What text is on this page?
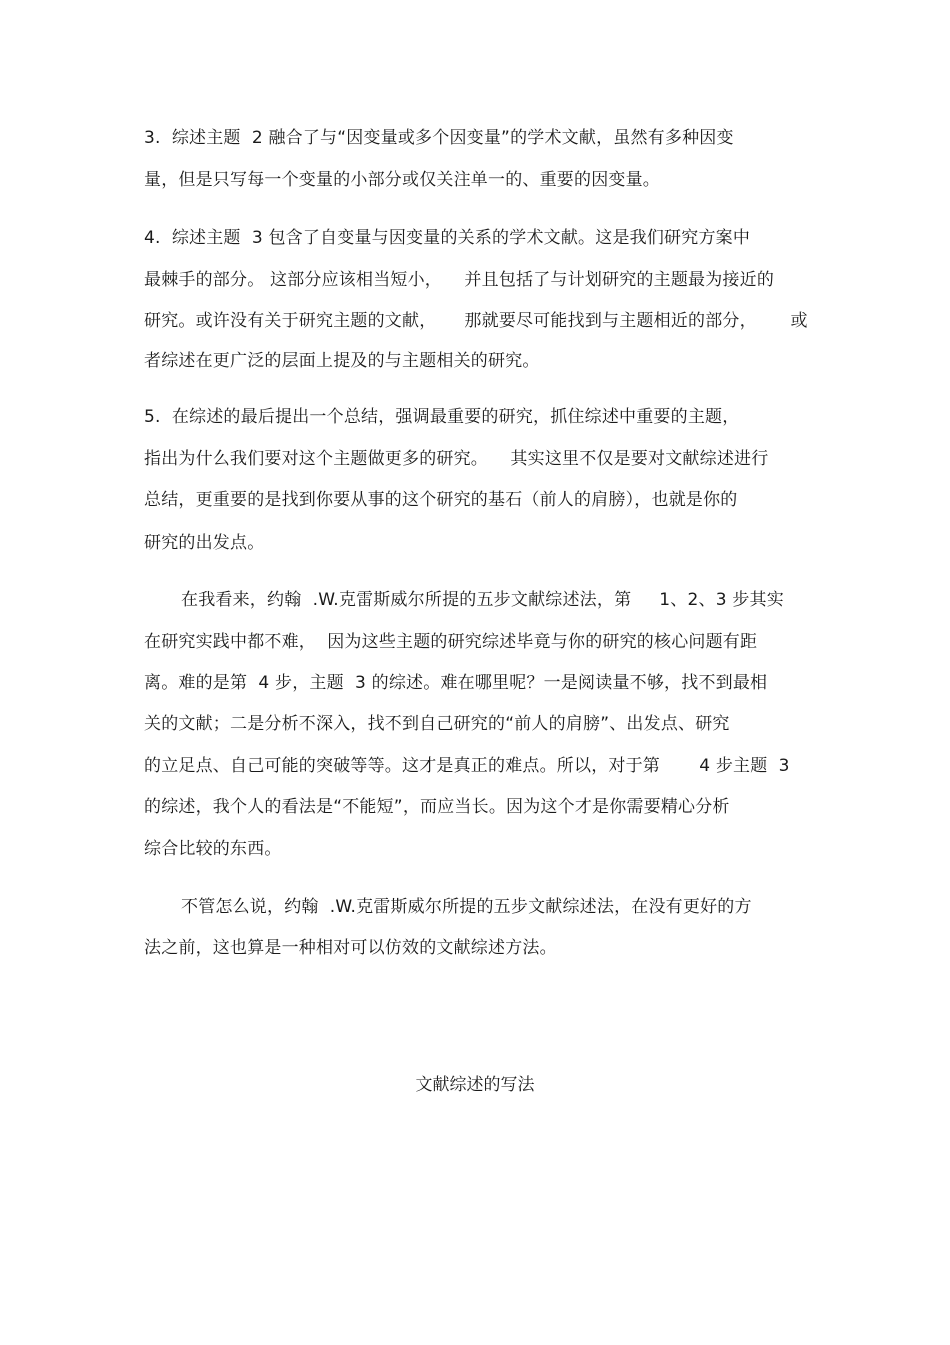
3.  综述主题  2 融合了与“因变量或多个因变量”的学术文献，虽然有多种因变
量，但是只写每一个变量的小部分或仅关注单一的、重要的因变量。
4.  综述主题  3 包含了自变量与因变量的关系的学术文献。这是我们研究方案中
最棘手的部分。 这部分应该相当短小，    并且包括了与计划研究的主题最为接近的
研究。或许没有关于研究主题的文献，     那就要尽可能找到与主题相近的部分，      或
者综述在更广泛的层面上提及的与主题相关的研究。
5.  在综述的最后提出一个总结，强调最重要的研究，抓住综述中重要的主题，
指出为什么我们要对这个主题做更多的研究。    其实这里不仅是要对文献综述进行
总结，更重要的是找到你要从事的这个研究的基石（前人的肩膀），也就是你的
研究的出发点。
在我看来，约翰  .W.克雷斯威尔所提的五步文献综述法，第     1、2、3 步其实
在研究实践中都不难，  因为这些主题的研究综述毕竟与你的研究的核心问题有距
离。难的是第  4 步，主题  3 的综述。难在哪里呢？一是阅读量不够，找不到最相
关的文献；二是分析不深入，找不到自己研究的“前人的肩膀”、出发点、研究
的立足点、自己可能的突破等等。这才是真正的难点。所以，对于第       4 步主题  3
的综述，我个人的看法是“不能短”，而应当长。因为这个才是你需要精心分析
综合比较的东西。
不管怎么说，约翰  .W.克雷斯威尔所提的五步文献综述法，在没有更好的方
法之前，这也算是一种相对可以仿效的文献综述方法。
文献综述的写法
